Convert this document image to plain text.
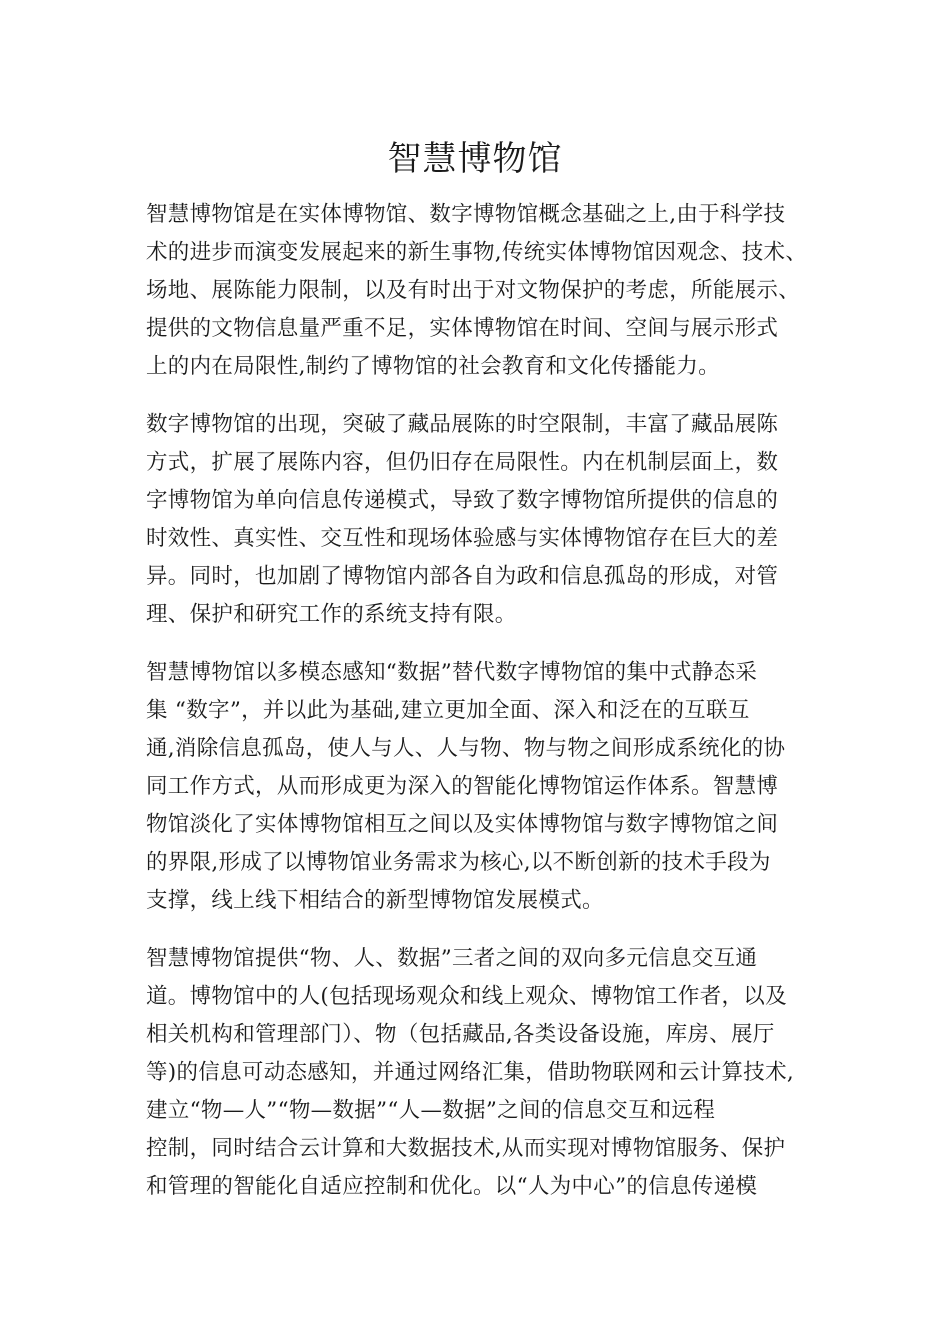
智慧博物馆
智慧博物馆是在实体博物馆、数字博物馆概念基础之上,由于科学技
术的进步而演变发展起来的新生事物,传统实体博物馆因观念、技术、
场地、展陈能力限制，以及有时出于对文物保护的考虑，所能展示、
提供的文物信息量严重不足，实体博物馆在时间、空间与展示形式
上的内在局限性,制约了博物馆的社会教育和文化传播能力。
数字博物馆的出现，突破了藏品展陈的时空限制，丰富了藏品展陈
方式，扩展了展陈内容，但仍旧存在局限性。内在机制层面上，数
字博物馆为单向信息传递模式，导致了数字博物馆所提供的信息的
时效性、真实性、交互性和现场体验感与实体博物馆存在巨大的差
异。同时，也加剧了博物馆内部各自为政和信息孤岛的形成，对管
理、保护和研究工作的系统支持有限。
智慧博物馆以多模态感知“数据”替代数字博物馆的集中式静态采
集 “数字”，并以此为基础,建立更加全面、深入和泛在的互联互
通,消除信息孤岛，使人与人、人与物、物与物之间形成系统化的协
同工作方式，从而形成更为深入的智能化博物馆运作体系。智慧博
物馆淡化了实体博物馆相互之间以及实体博物馆与数字博物馆之间
的界限,形成了以博物馆业务需求为核心,以不断创新的技术手段为
支撑，线上线下相结合的新型博物馆发展模式。
智慧博物馆提供“物、人、数据”三者之间的双向多元信息交互通
道。博物馆中的人(包括现场观众和线上观众、博物馆工作者，以及
相关机构和管理部门）、物（包括藏品,各类设备设施，库房、展厅
等)的信息可动态感知，并通过网络汇集，借助物联网和云计算技术,
建立“物—人”“物—数据”“人—数据”之间的信息交互和远程
控制，同时结合云计算和大数据技术,从而实现对博物馆服务、保护
和管理的智能化自适应控制和优化。以“人为中心”的信息传递模
